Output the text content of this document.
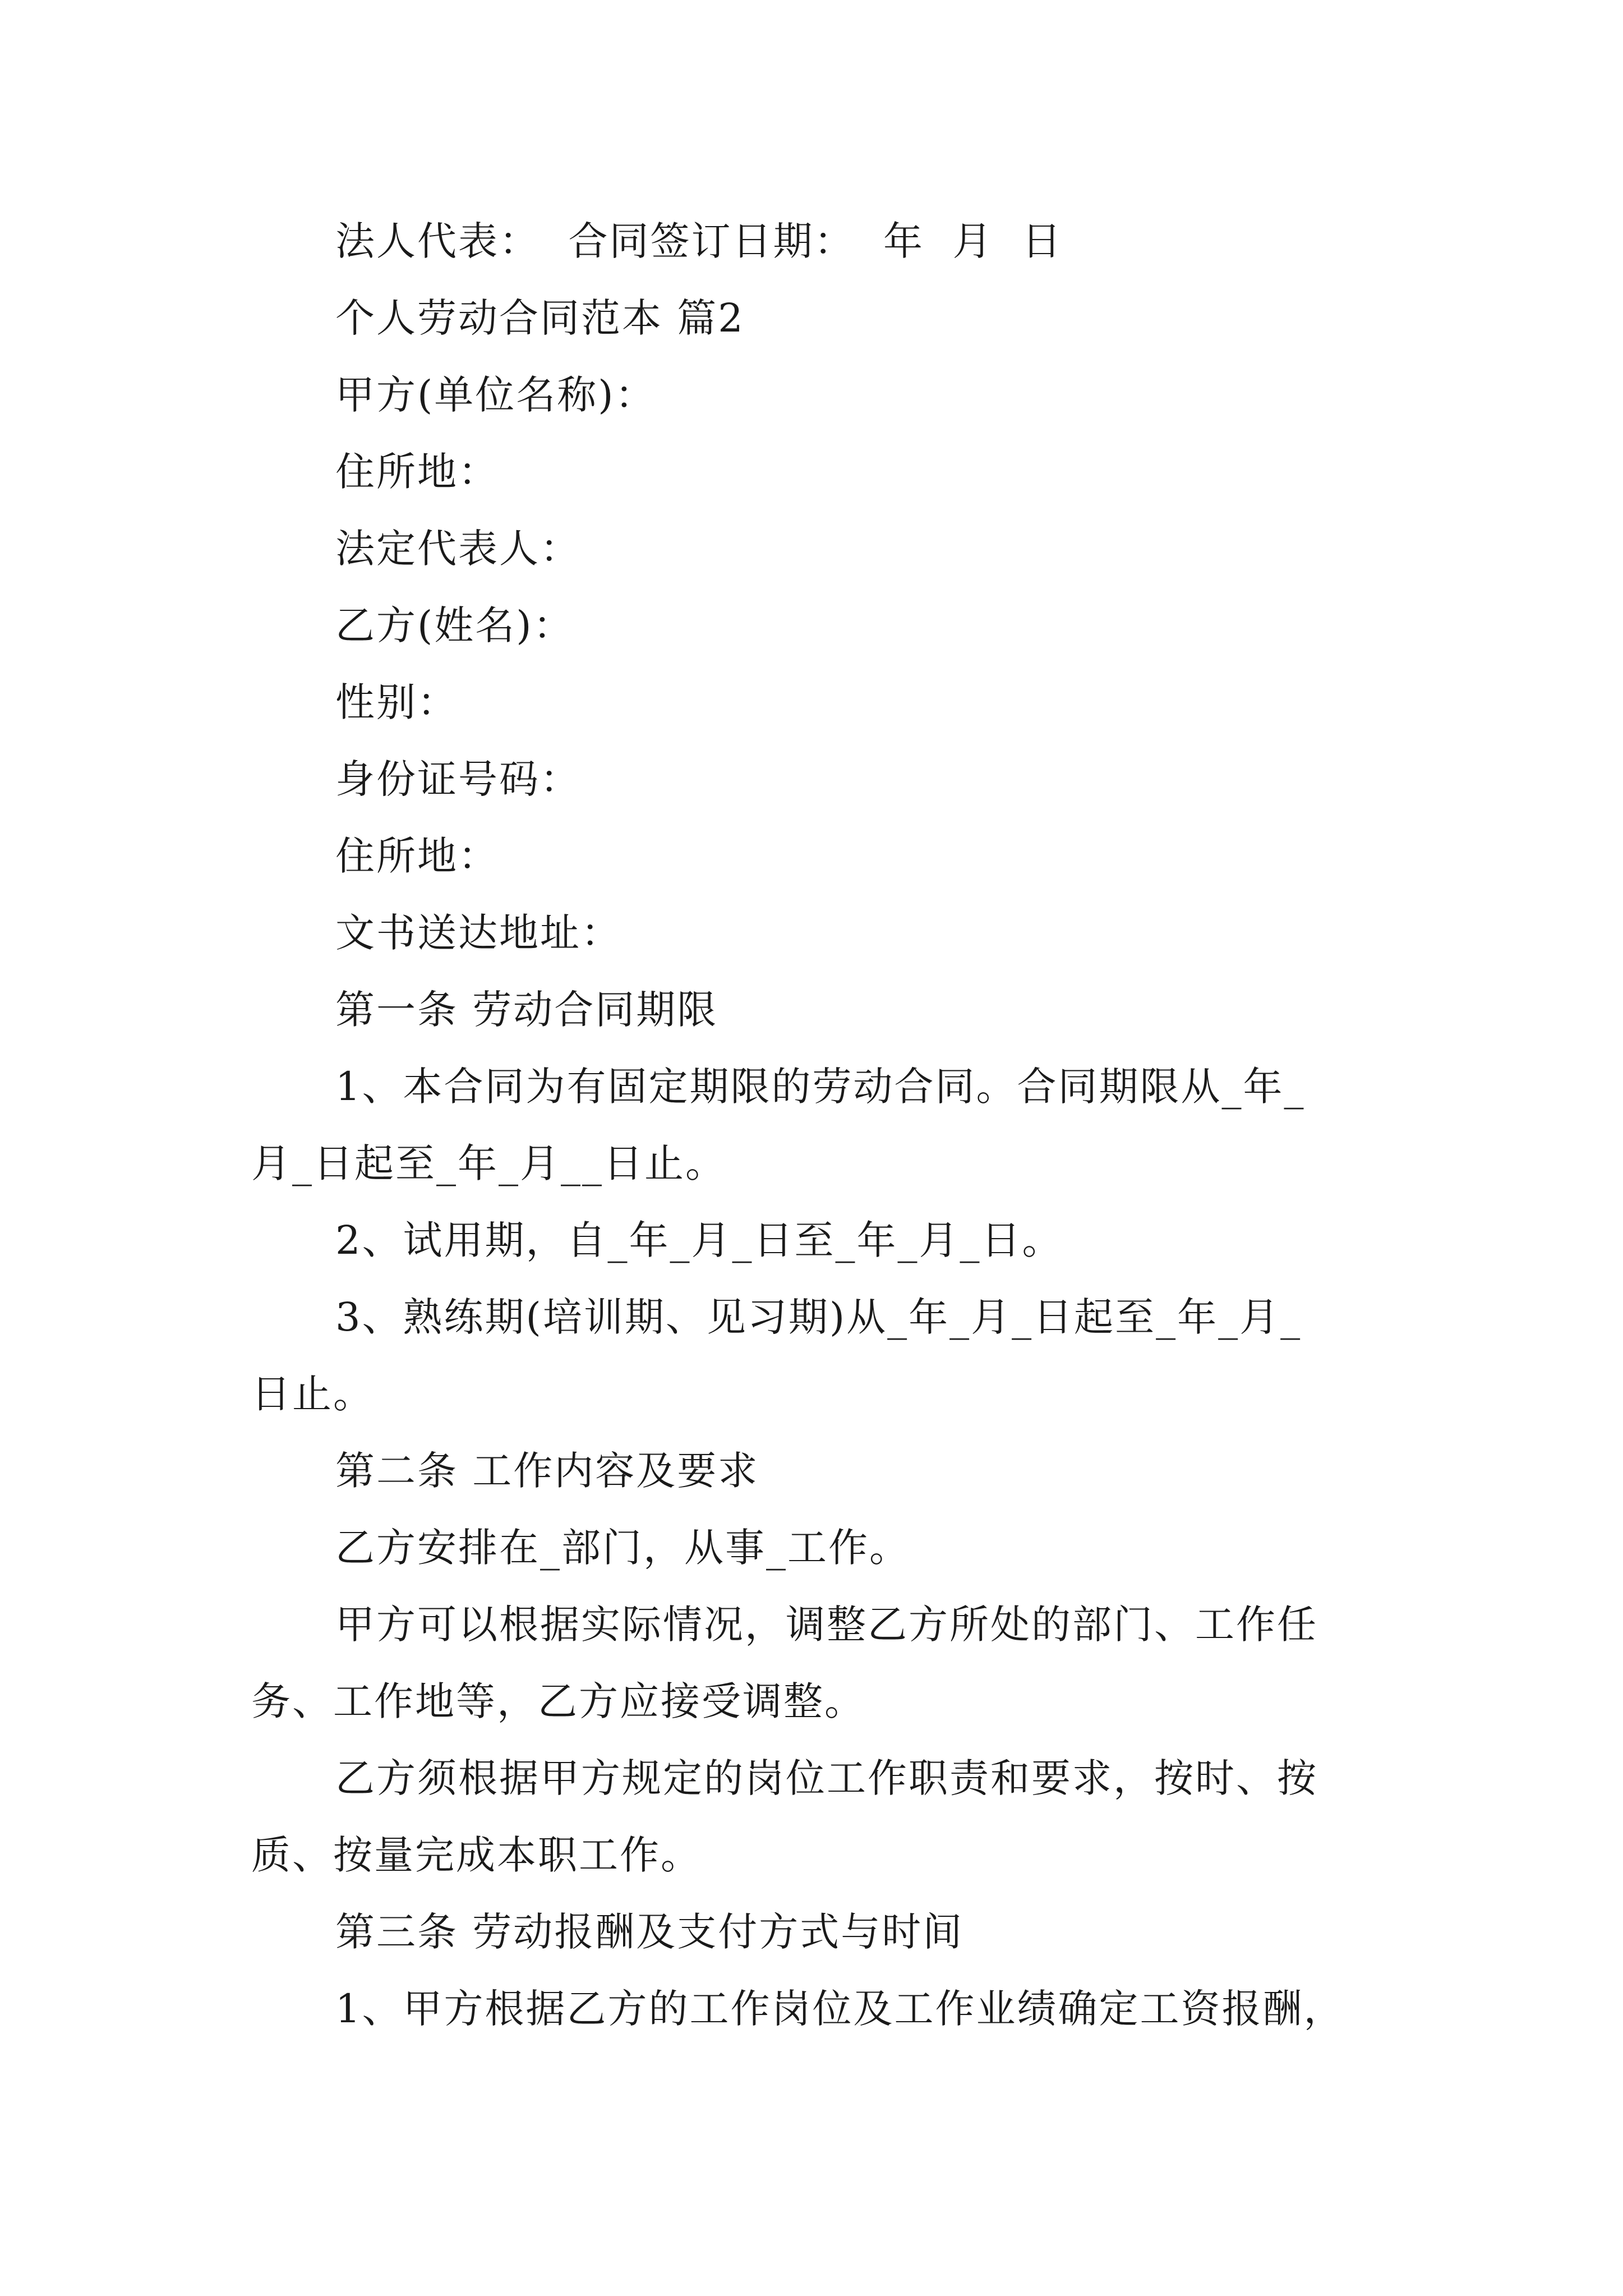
法人代表：  合同签订日期：  年  月  日
个人劳动合同范本 篇2
甲方(单位名称)：
住所地：
法定代表人：
乙方(姓名)：
性别：
身份证号码：
住所地：
文书送达地址：
第一条 劳动合同期限
1、本合同为有固定期限的劳动合同。合同期限从_年_
月_日起至_年_月__日止。
2、试用期，自_年_月_日至_年_月_日。
3、熟练期(培训期、见习期)从_年_月_日起至_年_月_
日止。
第二条 工作内容及要求
乙方安排在_部门，从事_工作。
甲方可以根据实际情况，调整乙方所处的部门、工作任
务、工作地等，乙方应接受调整。
乙方须根据甲方规定的岗位工作职责和要求，按时、按
质、按量完成本职工作。
第三条 劳动报酬及支付方式与时间
1、甲方根据乙方的工作岗位及工作业绩确定工资报酬，
